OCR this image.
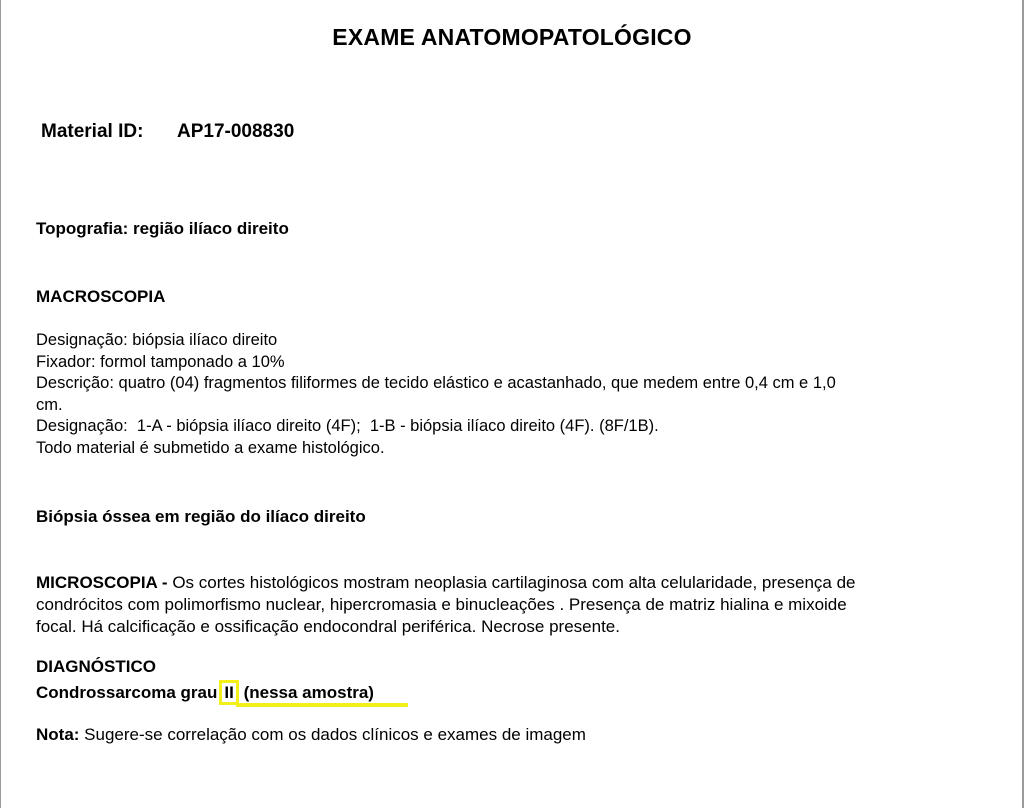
EXAME ANATOMOPATOLÓGICO
Material ID: AP17-008830
Topografia: região ilíaco direito
MACROSCOPIA
Designação: biópsia ilíaco direito
Fixador: formol tamponado a 10%
Descrição: quatro (04) fragmentos filiformes de tecido elástico e acastanhado, que medem entre 0,4 cm e 1,0
cm.
Designação:  1-A - biópsia ilíaco direito (4F);  1-B - biópsia ilíaco direito (4F). (8F/1B).
Todo material é submetido a exame histológico.
Biópsia óssea em região do ilíaco direito
MICROSCOPIA - Os cortes histológicos mostram neoplasia cartilaginosa com alta celularidade, presença de
condrócitos com polimorfismo nuclear, hipercromasia e binucleações . Presença de matriz hialina e mixoide
focal. Há calcificação e ossificação endocondral periférica. Necrose presente.
DIAGNÓSTICO
Condrossarcoma grau II (nessa amostra)
Nota: Sugere-se correlação com os dados clínicos e exames de imagem
